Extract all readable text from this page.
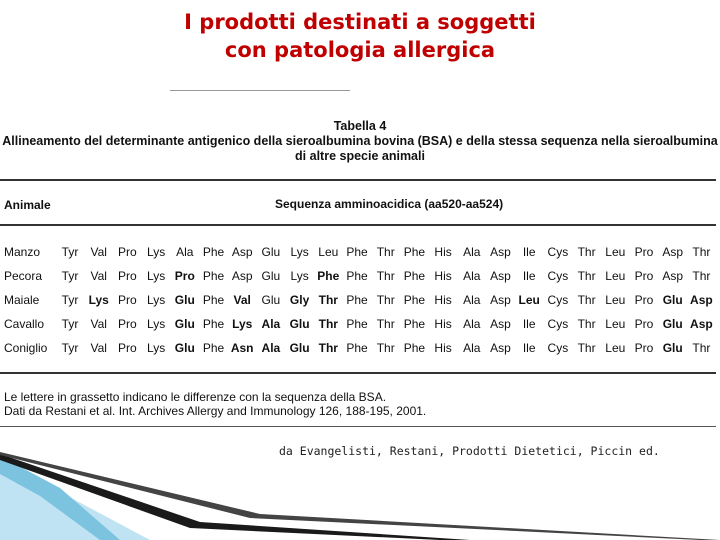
I prodotti destinati a soggetti
con patologia allergica
Tabella 4
Allineamento del determinante antigenico della sieroalbumina bovina (BSA) e della stessa sequenza nella sieroalbumina
di altre specie animali
Animale	Sequenza amminoacidica (aa520-aa524)
Manzo	Tyr	Val Pro Lys Ala Phe Asp Glu Lys Leu Phe Thr Phe His Ala Asp	Ile	Cys Thr Leu Pro Asp Thr
Pecora	Tyr	Val Pro Lys Pro Phe Asp Glu Lys Phe Phe Thr Phe His Ala Asp	Ile	Cys Thr Leu Pro Asp Thr
Maiale	Tyr Lys Pro Lys Glu Phe Val Glu Gly Thr Phe Thr Phe His Ala Asp Leu Cys Thr Leu Pro Glu Asp
Cavallo	Tyr	Val Pro Lys Glu Phe Lys Ala Glu Thr Phe Thr Phe His Ala Asp	Ile	Cys Thr Leu Pro Glu Asp
Coniglio	Tyr	Val Pro Lys Glu Phe Asn Ala Glu Thr Phe Thr Phe His Ala Asp	Ile	Cys Thr Leu Pro Glu Thr
Le lettere in grassetto indicano le differenze con la sequenza della BSA.
Dati da Restani et al. Int. Archives Allergy and Immunology 126, 188-195, 2001.
da Evangelisti, Restani, Prodotti Dietetici, Piccin ed.
